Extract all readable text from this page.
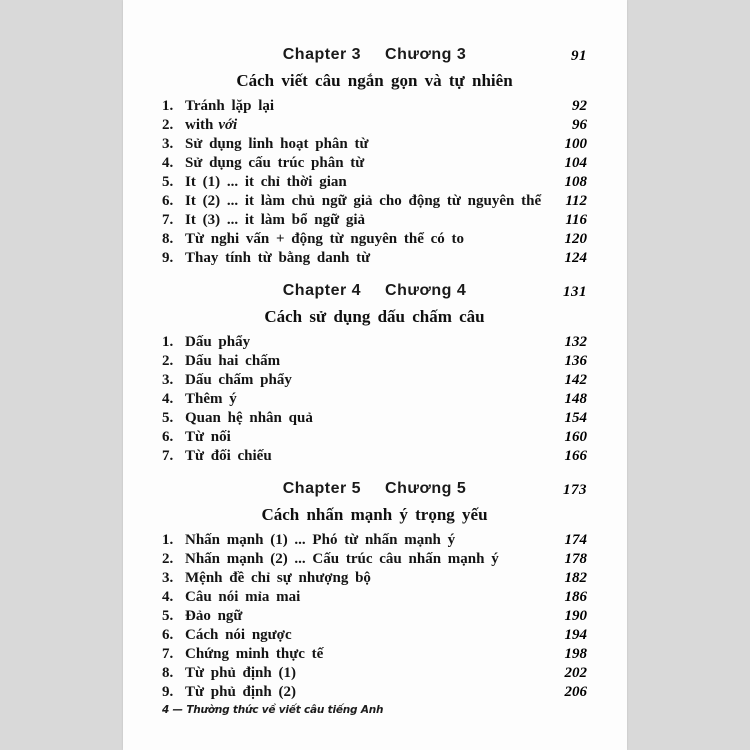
Chapter 3 Chương 3	91
Cách viết câu ngắn gọn và tự nhiên
1. Tránh lặp lại	92
2. with với	96
3. Sử dụng linh hoạt phân từ	100
4. Sử dụng cấu trúc phân từ	104
5. It (1) ... it chỉ thời gian	108
6. It (2) ... it làm chủ ngữ giả cho động từ nguyên thể 112
7. It (3) ... it làm bổ ngữ giả	116
8. Từ nghi vấn + động từ nguyên thể có to	120
9. Thay tính từ bằng danh từ	124
Chapter 4 Chương 4	131
Cách sử dụng dấu chấm câu
1. Dấu phẩy	132
2. Dấu hai chấm	136
3. Dấu chấm phẩy	142
4. Thêm ý	148
5. Quan hệ nhân quả	154
6. Từ nối	160
7. Từ đối chiếu	166
Chapter 5 Chương 5	173
Cách nhấn mạnh ý trọng yếu
1. Nhấn mạnh (1) ... Phó từ nhấn mạnh ý	174
2. Nhấn mạnh (2) ... Cấu trúc câu nhấn mạnh ý	178
3. Mệnh đề chỉ sự nhượng bộ	182
4. Câu nói mỉa mai	186
5. Đảo ngữ	190
6. Cách nói ngược	194
7. Chứng minh thực tế	198
8. Từ phủ định (1)	202
9. Từ phủ định (2)	206
4 — Thường thức về viết câu tiếng Anh
